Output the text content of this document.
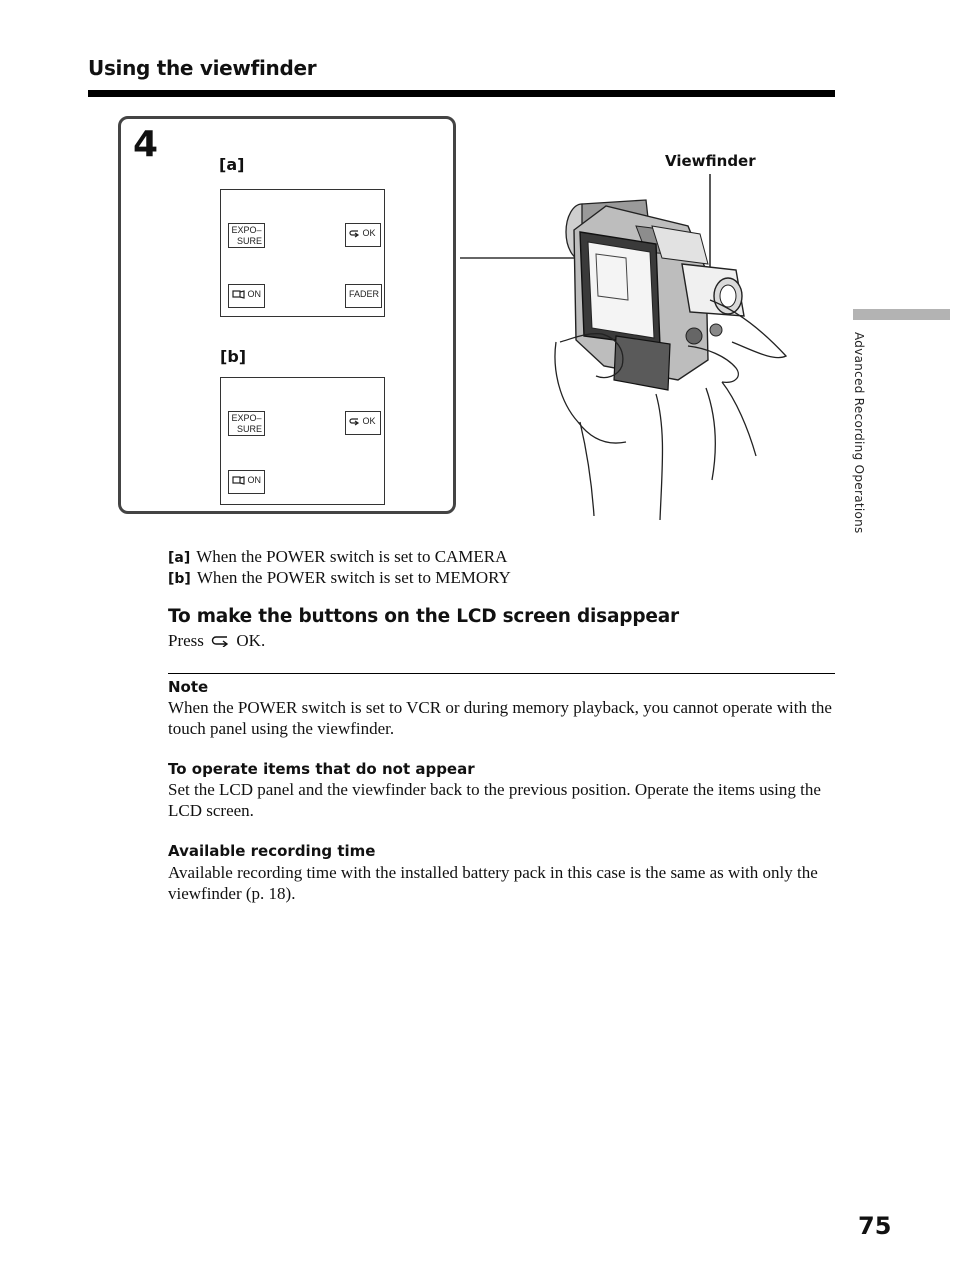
Using the viewfinder
4	[a]
EXPO–
SURE
OK
ON	FADER
[b]
EXPO–
SURE
OK
ON
Viewfinder
Advanced Recording Operations
[a] When the POWER switch is set to CAMERA
[b] When the POWER switch is set to MEMORY
To make the buttons on the LCD screen disappear
Press OK.
Note
When the POWER switch is set to VCR or during memory playback, you cannot operate with the touch panel using the viewfinder.
To operate items that do not appear
Set the LCD panel and the viewfinder back to the previous position. Operate the items using the LCD screen.
Available recording time
Available recording time with the installed battery pack in this case is the same as with only the viewfinder (p. 18).
75
